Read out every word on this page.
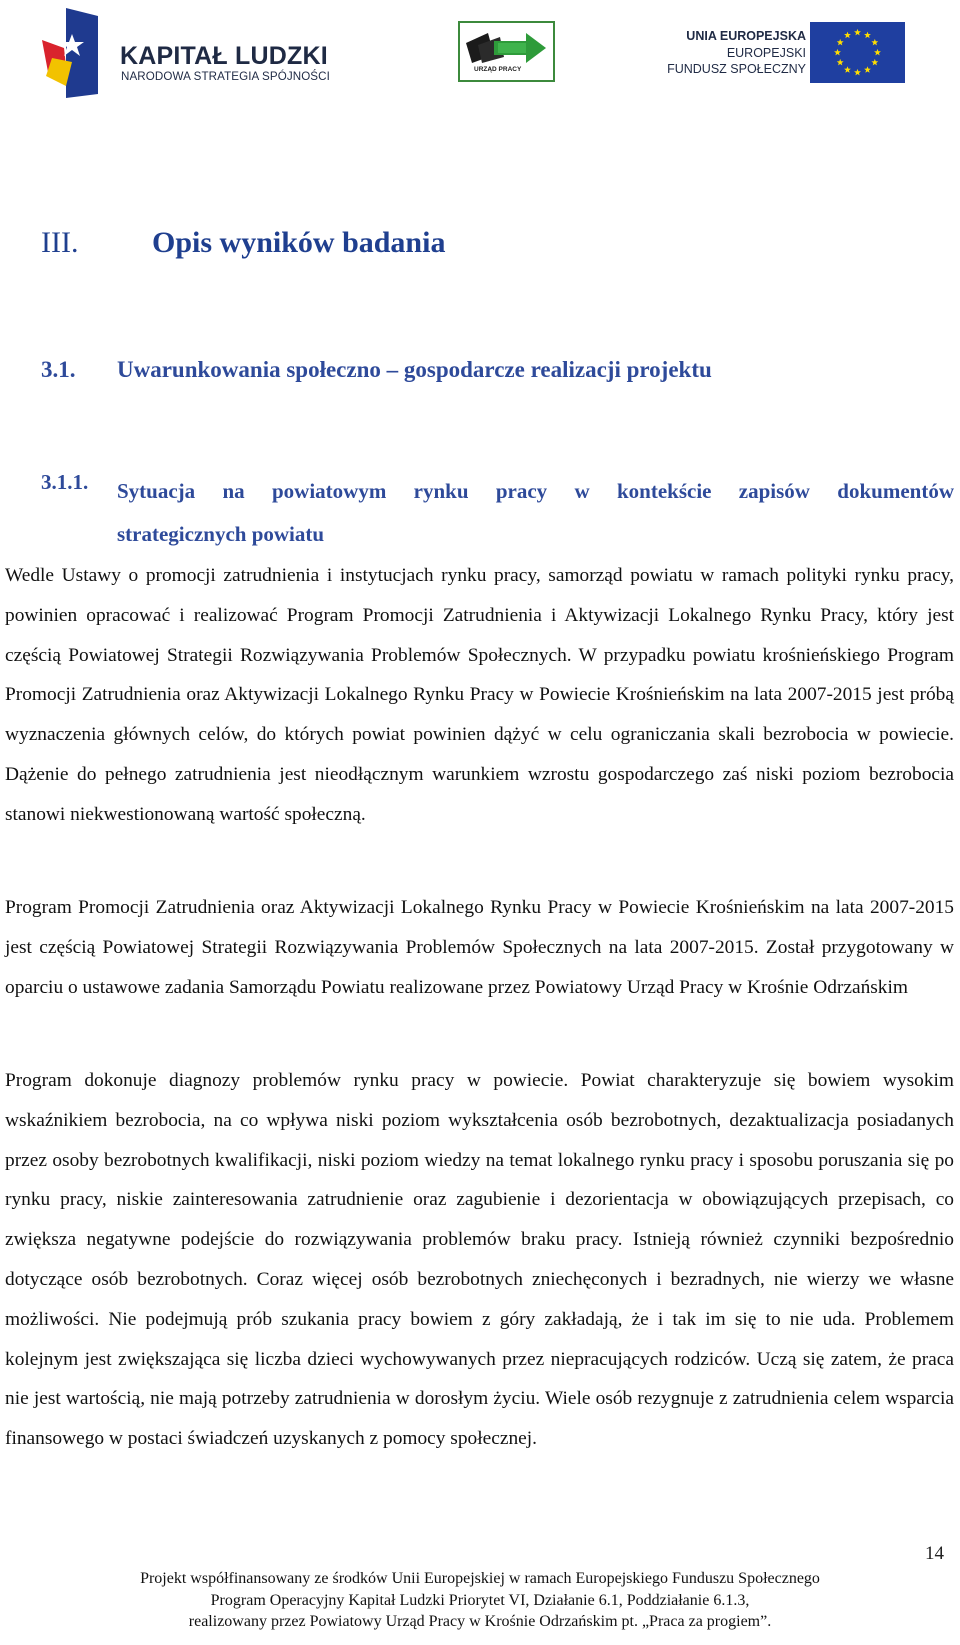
KAPITAŁ LUDZKI
NARODOWA STRATEGIA SPÓJNOŚCI
URZĄD PRACY
UNIA EUROPEJSKA
EUROPEJSKI
FUNDUSZ SPOŁECZNY
III. Opis wyników badania
3.1. Uwarunkowania społeczno – gospodarcze realizacji projektu
3.1.1. Sytuacja na powiatowym rynku pracy w kontekście zapisów dokumentów
strategicznych powiatu

Wedle Ustawy o promocji zatrudnienia i instytucjach rynku pracy, samorząd powiatu w ramach polityki rynku pracy, powinien opracować i realizować Program Promocji Zatrudnienia i Aktywizacji Lokalnego Rynku Pracy, który jest częścią Powiatowej Strategii Rozwiązywania Problemów Społecznych. W przypadku powiatu krośnieńskiego Program Promocji Zatrudnienia oraz Aktywizacji Lokalnego Rynku Pracy w Powiecie Krośnieńskim na lata 2007-2015 jest próbą wyznaczenia głównych celów, do których powiat powinien dążyć w celu ograniczania skali bezrobocia w powiecie. Dążenie do pełnego zatrudnienia jest nieodłącznym warunkiem wzrostu gospodarczego zaś niski poziom bezrobocia stanowi niekwestionowaną wartość społeczną.

Program Promocji Zatrudnienia oraz Aktywizacji Lokalnego Rynku Pracy w Powiecie Krośnieńskim na lata 2007-2015 jest częścią Powiatowej Strategii Rozwiązywania Problemów Społecznych na lata 2007-2015. Został przygotowany w oparciu o ustawowe zadania Samorządu Powiatu realizowane przez Powiatowy Urząd Pracy w Krośnie Odrzańskim

Program dokonuje diagnozy problemów rynku pracy w powiecie. Powiat charakteryzuje się bowiem wysokim wskaźnikiem bezrobocia, na co wpływa niski poziom wykształcenia osób bezrobotnych, dezaktualizacja posiadanych przez osoby bezrobotnych kwalifikacji, niski poziom wiedzy na temat lokalnego rynku pracy i sposobu poruszania się po rynku pracy, niskie zainteresowania zatrudnienie oraz zagubienie i dezorientacja w obowiązujących przepisach, co zwiększa negatywne podejście do rozwiązywania problemów braku pracy. Istnieją również czynniki bezpośrednio dotyczące osób bezrobotnych. Coraz więcej osób bezrobotnych zniechęconych i bezradnych, nie wierzy we własne możliwości. Nie podejmują prób szukania pracy bowiem z góry zakładają, że i tak im się to nie uda. Problemem kolejnym jest zwiększająca się liczba dzieci wychowywanych przez niepracujących rodziców. Uczą się zatem, że praca nie jest wartością, nie mają potrzeby zatrudnienia w dorosłym życiu. Wiele osób rezygnuje z zatrudnienia celem wsparcia finansowego w postaci świadczeń uzyskanych z pomocy społecznej.

14
Projekt współfinansowany ze środków Unii Europejskiej w ramach Europejskiego Funduszu Społecznego
Program Operacyjny Kapitał Ludzki Priorytet VI, Działanie 6.1, Poddziałanie 6.1.3,
realizowany przez Powiatowy Urząd Pracy w Krośnie Odrzańskim pt. „Praca za progiem”.
